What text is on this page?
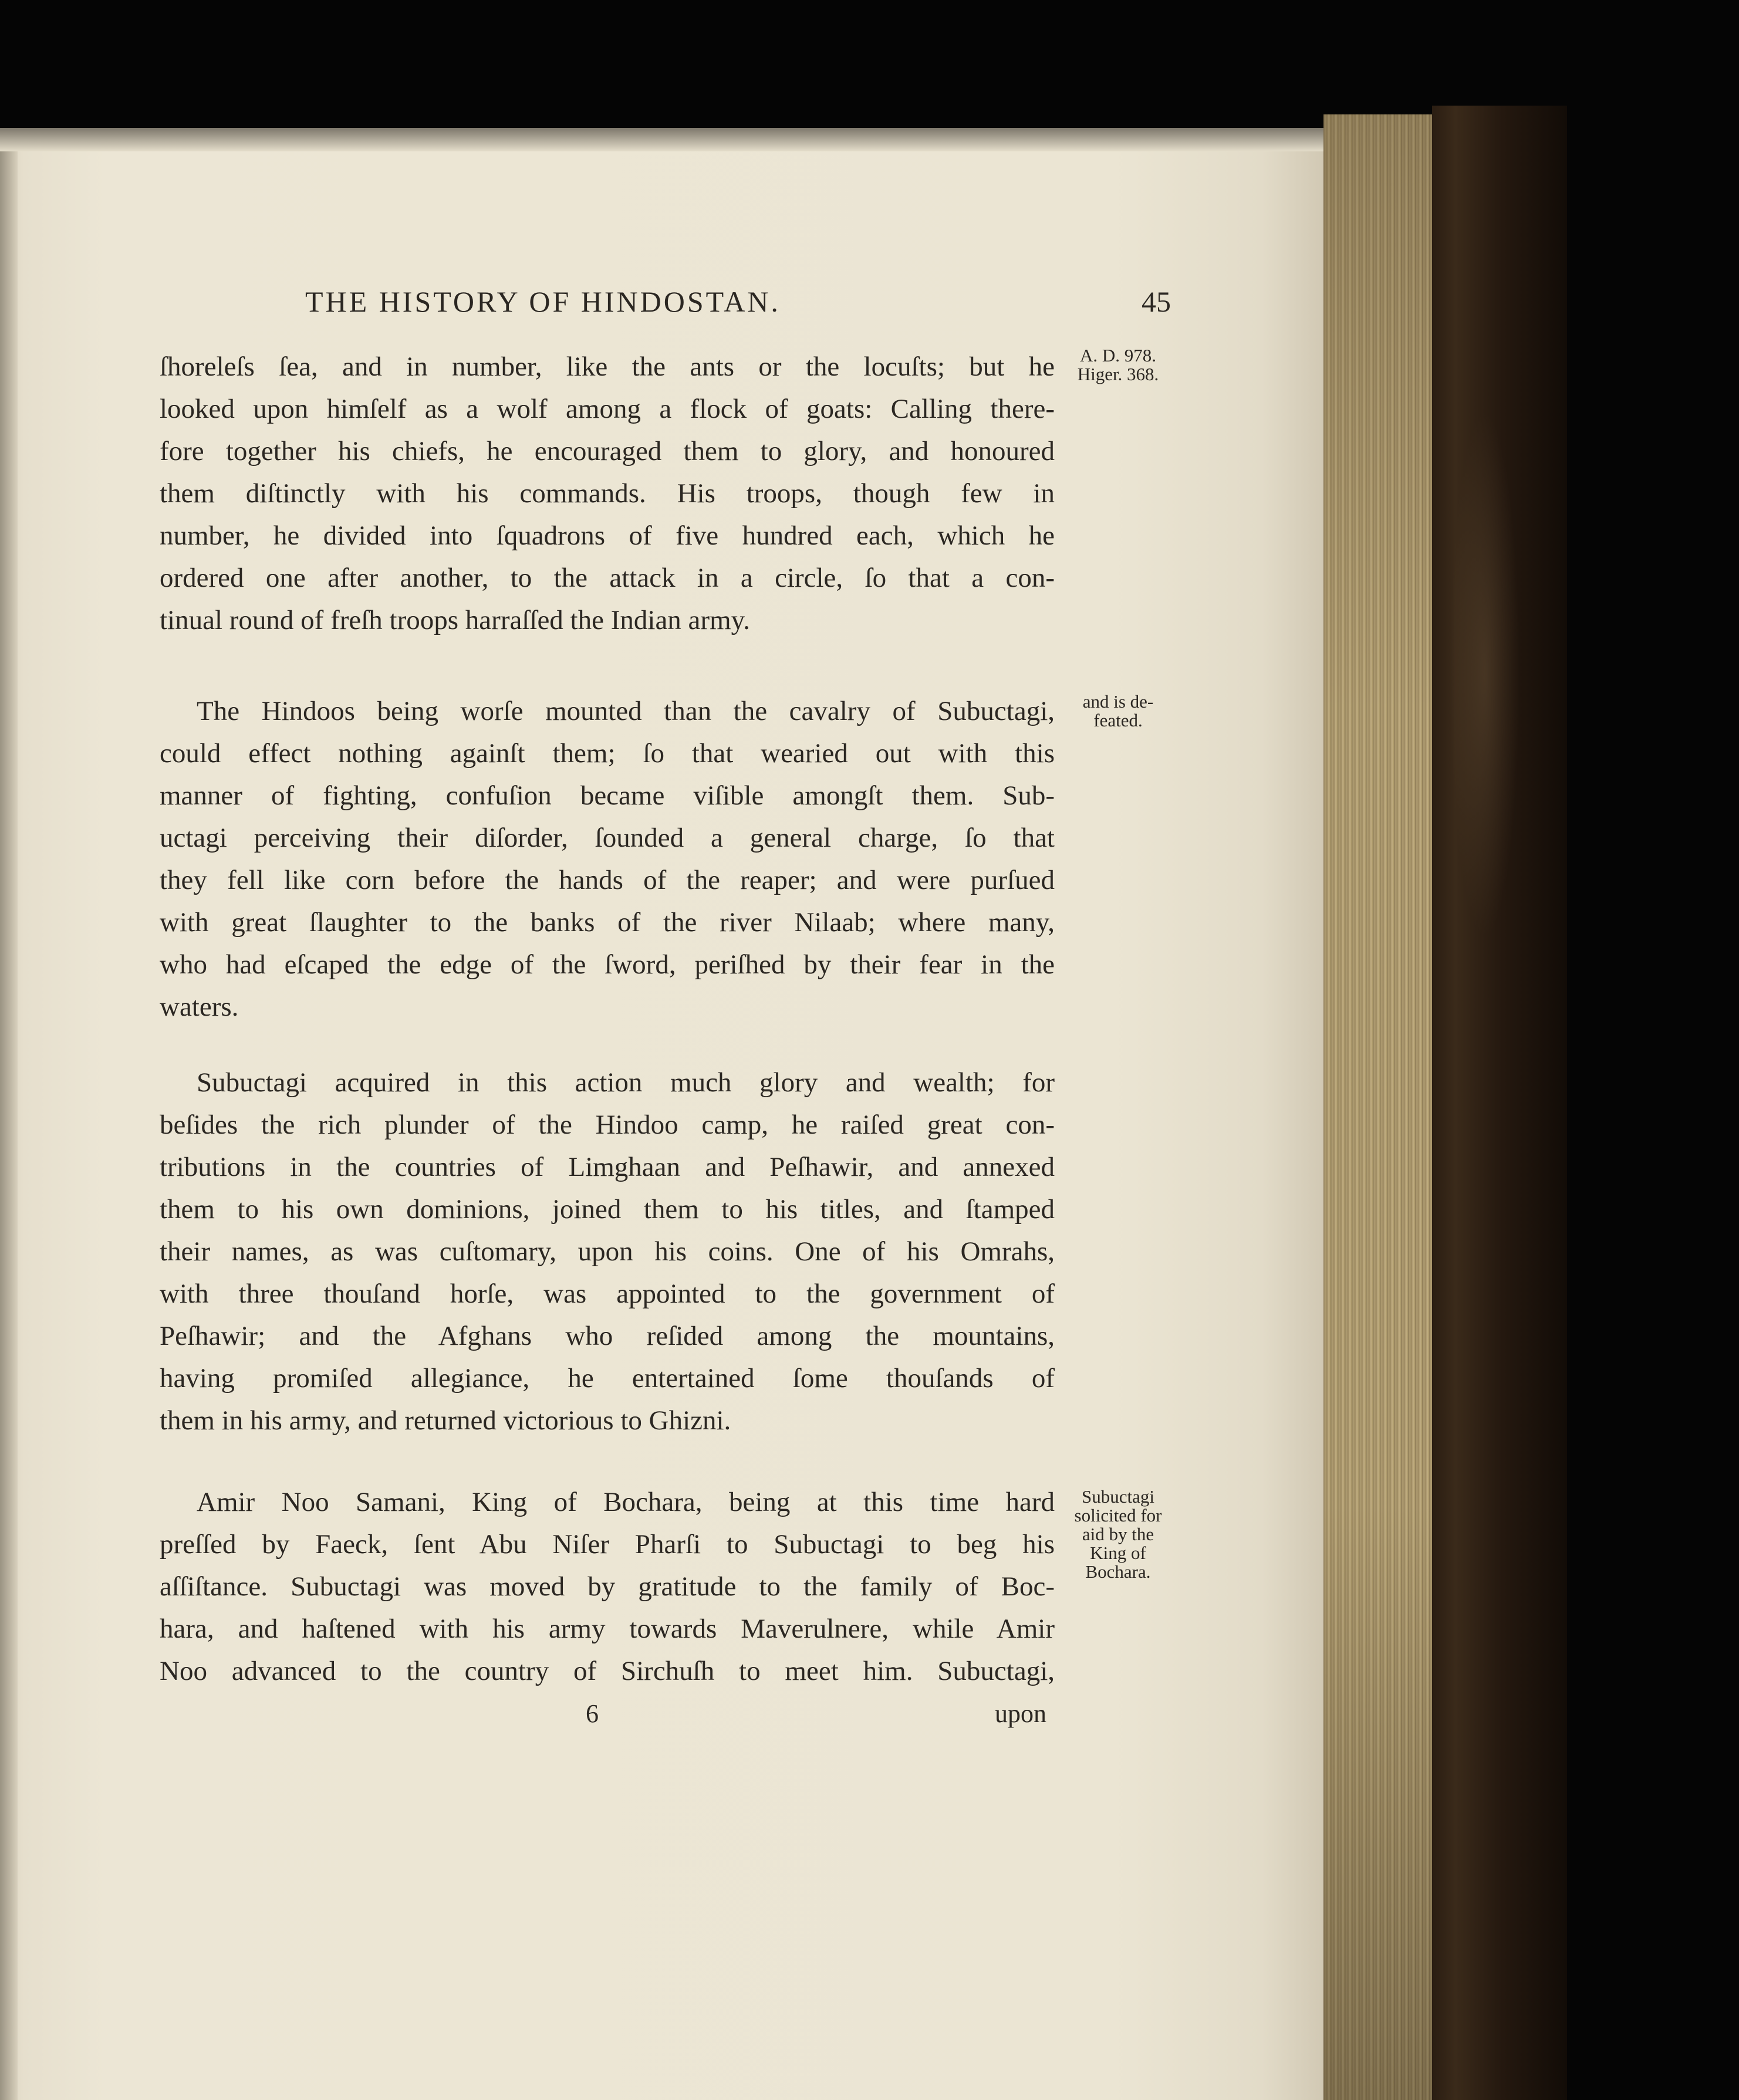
THE HISTORY OF HINDOSTAN.	45
ſhoreleſs ſea, and in number, like the ants or the locuſts; but he
looked upon himſelf as a wolf among a flock of goats: Calling there-
fore together his chiefs, he encouraged them to glory, and honoured
them diſtinctly with his commands. His troops, though few in
number, he divided into ſquadrons of five hundred each, which he
ordered one after another, to the attack in a circle, ſo that a con-
tinual round of freſh troops harraſſed the Indian army.
The Hindoos being worſe mounted than the cavalry of Subuctagi,
could effect nothing againſt them; ſo that wearied out with this
manner of fighting, confuſion became viſible amongſt them. Sub-
uctagi perceiving their diſorder, ſounded a general charge, ſo that
they fell like corn before the hands of the reaper; and were purſued
with great ſlaughter to the banks of the river Nilaab; where many,
who had eſcaped the edge of the ſword, periſhed by their fear in the
waters.
Subuctagi acquired in this action much glory and wealth; for
beſides the rich plunder of the Hindoo camp, he raiſed great con-
tributions in the countries of Limghaan and Peſhawir, and annexed
them to his own dominions, joined them to his titles, and ſtamped
their names, as was cuſtomary, upon his coins. One of his Omrahs,
with three thouſand horſe, was appointed to the government of
Peſhawir; and the Afghans who reſided among the mountains,
having promiſed allegiance, he entertained ſome thouſands of
them in his army, and returned victorious to Ghizni.
Amir Noo Samani, King of Bochara, being at this time hard
preſſed by Faeck, ſent Abu Niſer Pharſi to Subuctagi to beg his
aſſiſtance. Subuctagi was moved by gratitude to the family of Boc-
hara, and haſtened with his army towards Maverulnere, while Amir
Noo advanced to the country of Sirchuſh to meet him. Subuctagi,
A. D. 978.
Higer. 368.
and is de-
feated.
Subuctagi
solicited for
aid by the
King of
Bochara.
6	upon
